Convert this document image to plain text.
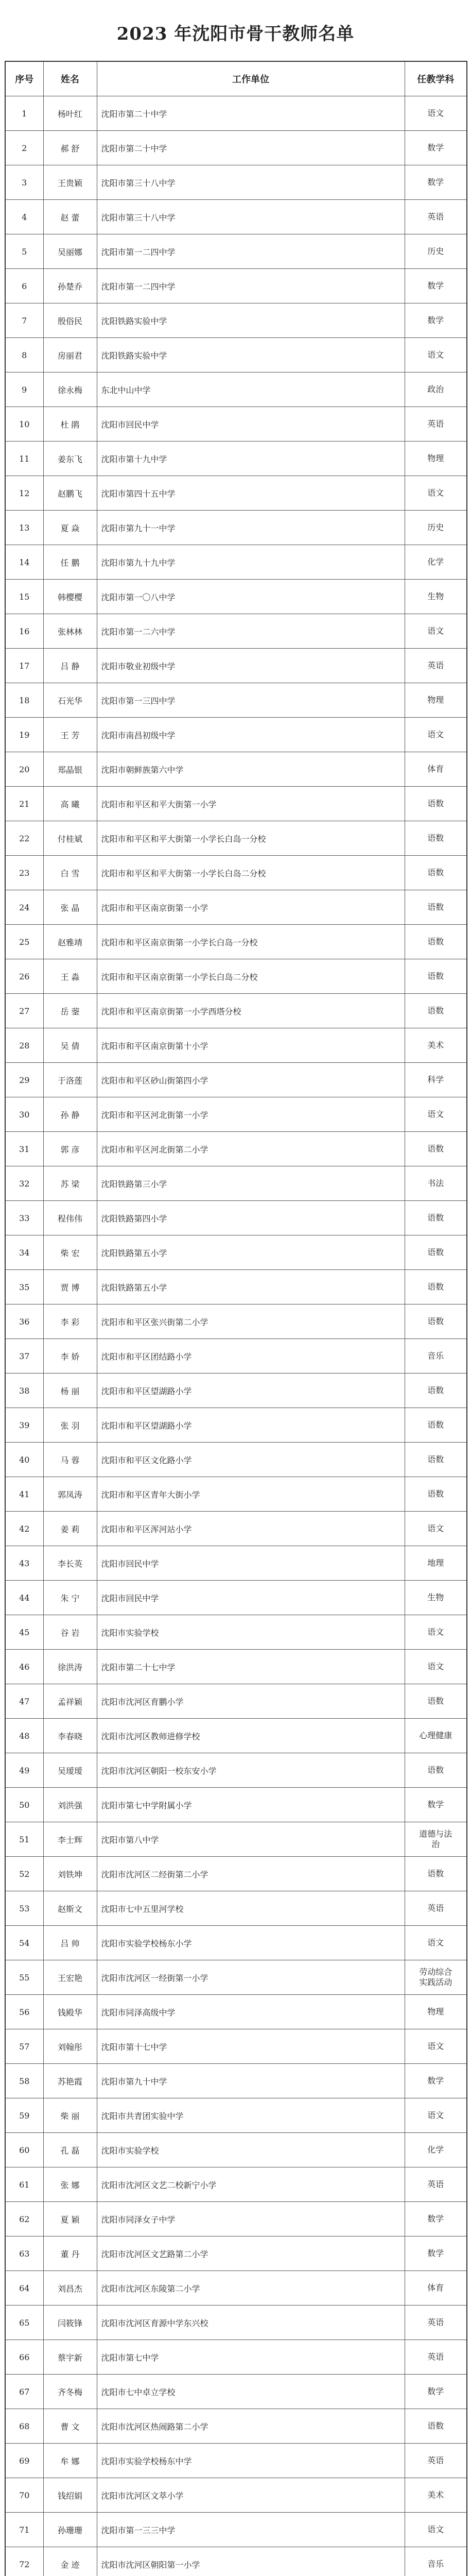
2023 年沈阳市骨干教师名单
序号	姓名	工作单位	任教学科
1	杨叶红	沈阳市第二十中学	语文
2	郝 舒	沈阳市第二十中学	数学
3	王贵颖	沈阳市第三十八中学	数学
4	赵 蕾	沈阳市第三十八中学	英语
5	吴丽娜	沈阳市第一二四中学	历史
6	孙楚乔	沈阳市第一二四中学	数学
7	殷俗民	沈阳铁路实验中学	数学
8	房丽君	沈阳铁路实验中学	语文
9	徐永梅	东北中山中学	政治
10	杜 鹃	沈阳市回民中学	英语
11	姜东飞	沈阳市第十九中学	物理
12	赵鹏飞	沈阳市第四十五中学	语文
13	夏 焱	沈阳市第九十一中学	历史
14	任 鹏	沈阳市第九十九中学	化学
15	韩樱樱	沈阳市第一〇八中学	生物
16	张林林	沈阳市第一二六中学	语文
17	吕 静	沈阳市敬业初级中学	英语
18	石光华	沈阳市第一三四中学	物理
19	王 芳	沈阳市南昌初级中学	语文
20	郑晶银	沈阳市朝鲜族第六中学	体育
21	高 曦	沈阳市和平区和平大街第一小学	语数
22	付桂斌	沈阳市和平区和平大街第一小学长白岛一分校	语数
23	白 雪	沈阳市和平区和平大街第一小学长白岛二分校	语数
24	张 晶	沈阳市和平区南京街第一小学	语数
25	赵雅靖	沈阳市和平区南京街第一小学长白岛一分校	语数
26	王 淼	沈阳市和平区南京街第一小学长白岛二分校	语数
27	岳 蓥	沈阳市和平区南京街第一小学西塔分校	语数
28	吴 倩	沈阳市和平区南京街第十小学	美术
29	于洛莲	沈阳市和平区砂山街第四小学	科学
30	孙 静	沈阳市和平区河北街第一小学	语文
31	郭 彦	沈阳市和平区河北街第二小学	语数
32	苏 梁	沈阳铁路第三小学	书法
33	程伟伟	沈阳铁路第四小学	语数
34	柴 宏	沈阳铁路第五小学	语数
35	贾 博	沈阳铁路第五小学	语数
36	李 彩	沈阳市和平区张兴街第二小学	语数
37	李 娇	沈阳市和平区团结路小学	音乐
38	杨 丽	沈阳市和平区望湖路小学	语数
39	张 羽	沈阳市和平区望湖路小学	语数
40	马 蓉	沈阳市和平区文化路小学	语数
41	郭凤涛	沈阳市和平区青年大街小学	语数
42	姜 莉	沈阳市和平区浑河站小学	语文
43	李长英	沈阳市回民中学	地理
44	朱 宁	沈阳市回民中学	生物
45	谷 岩	沈阳市实验学校	语文
46	徐洪涛	沈阳市第二十七中学	语文
47	孟祥颖	沈阳市沈河区育鹏小学	语数
48	李春晓	沈阳市沈河区教师进修学校	心理健康
49	吴瑷瑷	沈阳市沈河区朝阳一校东安小学	语数
50	刘洪强	沈阳市第七中学附属小学	数学
51	李士辉	沈阳市第八中学	道德与法治
52	刘铁坤	沈阳市沈河区二经街第二小学	语数
53	赵斯文	沈阳市七中五里河学校	英语
54	吕 帅	沈阳市实验学校杨东小学	语文
55	王宏艳	沈阳市沈河区一经街第一小学	劳动综合实践活动
56	钱殿华	沈阳市同泽高级中学	物理
57	刘翰彤	沈阳市第十七中学	语文
58	苏艳霞	沈阳市第九十中学	数学
59	柴 丽	沈阳市共青团实验中学	语文
60	孔 磊	沈阳市实验学校	化学
61	张 娜	沈阳市沈河区文艺二校新宁小学	英语
62	夏 颖	沈阳市同泽女子中学	数学
63	董 丹	沈阳市沈河区文艺路第二小学	数学
64	刘昌杰	沈阳市沈河区东陵第二小学	体育
65	闫筱锋	沈阳市沈河区育源中学东兴校	英语
66	蔡宇新	沈阳市第七中学	英语
67	齐冬梅	沈阳市七中卓立学校	数学
68	曹 文	沈阳市沈河区热闹路第二小学	语数
69	牟 娜	沈阳市实验学校杨东中学	英语
70	钱绍娟	沈阳市沈河区文萃小学	美术
71	孙珊珊	沈阳市第一三三中学	语文
72	金 迹	沈阳市沈河区朝阳第一小学	音乐
